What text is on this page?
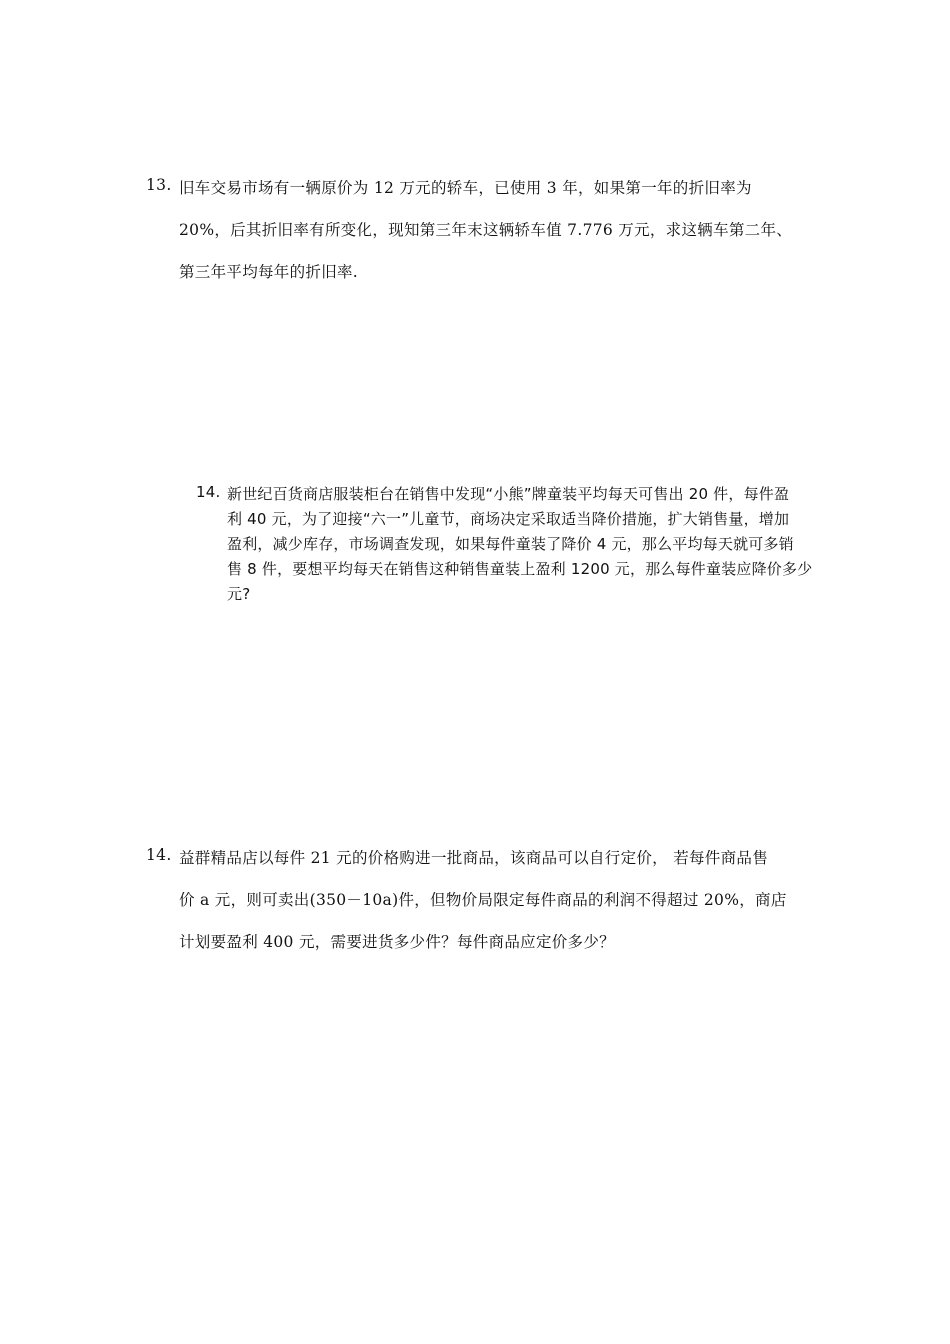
13. 旧车交易市场有一辆原价为 12 万元的轿车，已使用 3 年，如果第一年的折旧率为
20%，后其折旧率有所变化，现知第三年末这辆轿车值 7.776 万元，求这辆车第二年、
第三年平均每年的折旧率.
14. 新世纪百货商店服装柜台在销售中发现“小熊”牌童装平均每天可售出 20 件，每件盈
利 40 元，为了迎接“六一”儿童节，商场决定采取适当降价措施，扩大销售量，增加
盈利，减少库存，市场调查发现，如果每件童装了降价 4 元，那么平均每天就可多销
售 8 件，要想平均每天在销售这种销售童装上盈利 1200 元，那么每件童装应降价多少
元?
14. 益群精品店以每件 21 元的价格购进一批商品，该商品可以自行定价， 若每件商品售
价 a 元，则可卖出(350－10a)件，但物价局限定每件商品的利润不得超过 20%，商店
计划要盈利 400 元，需要进货多少件？每件商品应定价多少？
